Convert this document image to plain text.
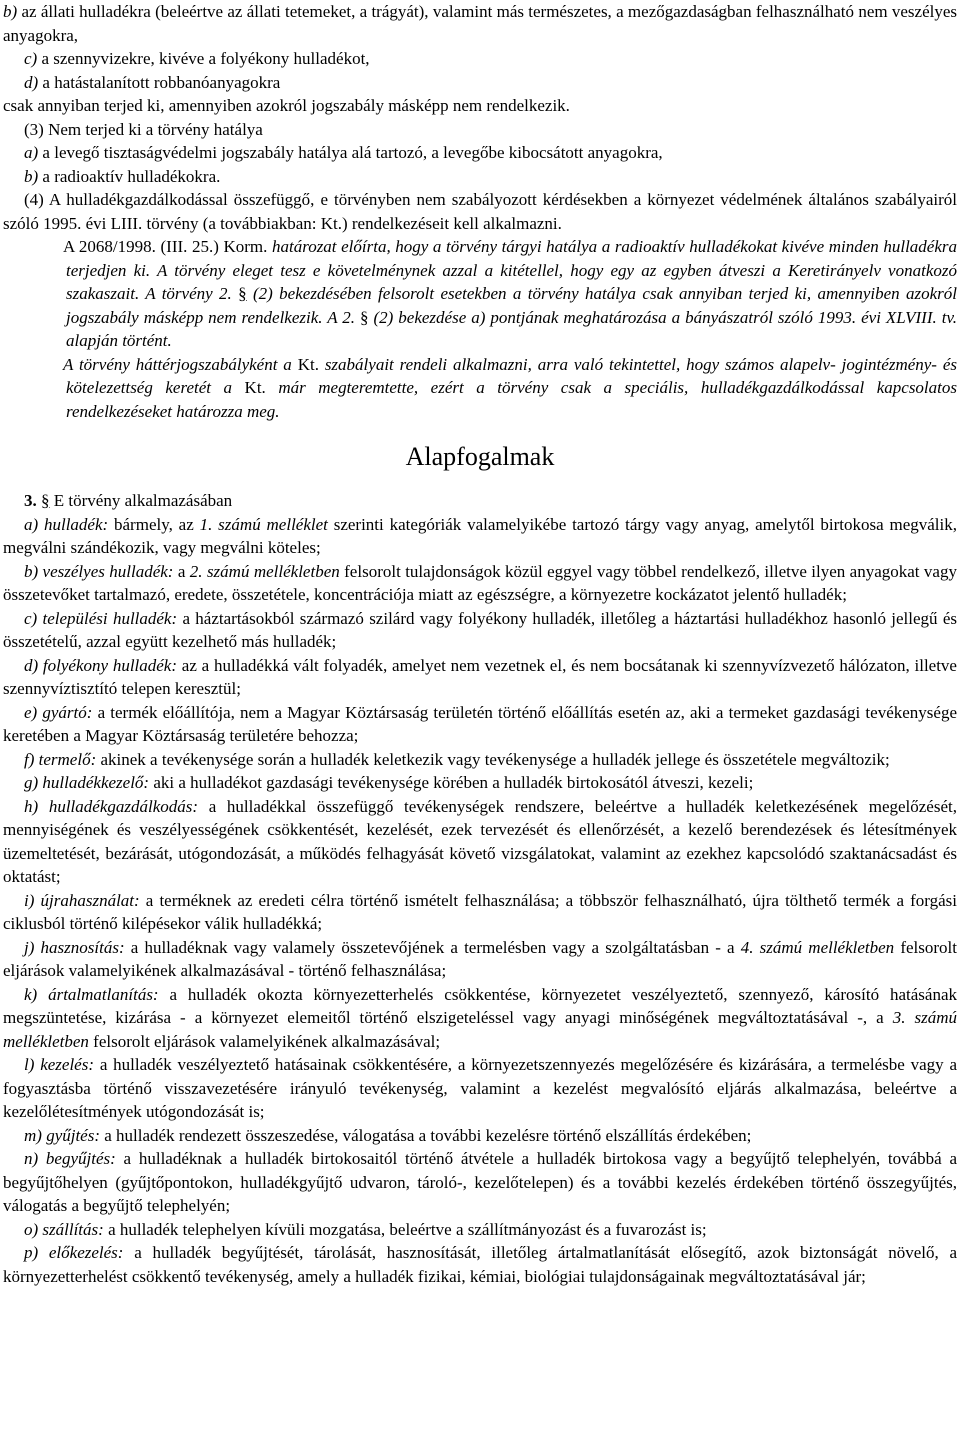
b) az állati hulladékra (beleértve az állati tetemeket, a trágyát), valamint más természetes, a mezőgazdaságban felhasználható nem veszélyes anyagokra,

c) a szennyvizekre, kivéve a folyékony hulladékot,

d) a hatástalanított robbanóanyagokra

csak annyiban terjed ki, amennyiben azokról jogszabály másképp nem rendelkezik.

(3) Nem terjed ki a törvény hatálya

a) a levegő tisztaságvédelmi jogszabály hatálya alá tartozó, a levegőbe kibocsátott anyagokra,

b) a radioaktív hulladékokra.

(4) A hulladékgazdálkodással összefüggő, e törvényben nem szabályozott kérdésekben a környezet védelmének általános szabályairól szóló 1995. évi LIII. törvény (a továbbiakban: Kt.) rendelkezéseit kell alkalmazni.

A 2068/1998. (III. 25.) Korm. határozat előírta, hogy a törvény tárgyi hatálya a radioaktív hulladékokat kivéve minden hulladékra terjedjen ki. A törvény eleget tesz e követelménynek azzal a kitétellel, hogy egy az egyben átveszi a Keretirányelv vonatkozó szakaszait. A törvény 2. § (2) bekezdésében felsorolt esetekben a törvény hatálya csak annyiban terjed ki, amennyiben azokról jogszabály másképp nem rendelkezik. A 2. § (2) bekezdése a) pontjának meghatározása a bányászatról szóló 1993. évi XLVIII. tv. alapján történt.

A törvény háttérjogszabályként a Kt. szabályait rendeli alkalmazni, arra való tekintettel, hogy számos alapelv- jogintézmény- és kötelezettség keretét a Kt. már megteremtette, ezért a törvény csak a speciális, hulladékgazdálkodással kapcsolatos rendelkezéseket határozza meg.

Alapfogalmak

3. § E törvény alkalmazásában

a) hulladék: bármely, az 1. számú melléklet szerinti kategóriák valamelyikébe tartozó tárgy vagy anyag, amelytől birtokosa megválik, megválni szándékozik, vagy megválni köteles;

b) veszélyes hulladék: a 2. számú mellékletben felsorolt tulajdonságok közül eggyel vagy többel rendelkező, illetve ilyen anyagokat vagy összetevőket tartalmazó, eredete, összetétele, koncentrációja miatt az egészségre, a környezetre kockázatot jelentő hulladék;

c) települési hulladék: a háztartásokból származó szilárd vagy folyékony hulladék, illetőleg a háztartási hulladékhoz hasonló jellegű és összetételű, azzal együtt kezelhető más hulladék;

d) folyékony hulladék: az a hulladékká vált folyadék, amelyet nem vezetnek el, és nem bocsátanak ki szennyvízvezető hálózaton, illetve szennyvíztisztító telepen keresztül;

e) gyártó: a termék előállítója, nem a Magyar Köztársaság területén történő előállítás esetén az, aki a termeket gazdasági tevékenysége keretében a Magyar Köztársaság területére behozza;

f) termelő: akinek a tevékenysége során a hulladék keletkezik vagy tevékenysége a hulladék jellege és összetétele megváltozik;

g) hulladékkezelő: aki a hulladékot gazdasági tevékenysége körében a hulladék birtokosától átveszi, kezeli;

h) hulladékgazdálkodás: a hulladékkal összefüggő tevékenységek rendszere, beleértve a hulladék keletkezésének megelőzését, mennyiségének és veszélyességének csökkentését, kezelését, ezek tervezését és ellenőrzését, a kezelő berendezések és létesítmények üzemeltetését, bezárását, utógondozását, a működés felhagyását követő vizsgálatokat, valamint az ezekhez kapcsolódó szaktanácsadást és oktatást;

i) újrahasználat: a terméknek az eredeti célra történő ismételt felhasználása; a többször felhasználható, újra tölthető termék a forgási ciklusból történő kilépésekor válik hulladékká;

j) hasznosítás: a hulladéknak vagy valamely összetevőjének a termelésben vagy a szolgáltatásban - a 4. számú mellékletben felsorolt eljárások valamelyikének alkalmazásával - történő felhasználása;

k) ártalmatlanítás: a hulladék okozta környezetterhelés csökkentése, környezetet veszélyeztető, szennyező, károsító hatásának megszüntetése, kizárása - a környezet elemeitől történő elszigeteléssel vagy anyagi minőségének megváltoztatásával -, a 3. számú mellékletben felsorolt eljárások valamelyikének alkalmazásával;

l) kezelés: a hulladék veszélyeztető hatásainak csökkentésére, a környezetszennyezés megelőzésére és kizárására, a termelésbe vagy a fogyasztásba történő visszavezetésére irányuló tevékenység, valamint a kezelést megvalósító eljárás alkalmazása, beleértve a kezelőlétesítmények utógondozását is;

m) gyűjtés: a hulladék rendezett összeszedése, válogatása a további kezelésre történő elszállítás érdekében;

n) begyűjtés: a hulladéknak a hulladék birtokosaitól történő átvétele a hulladék birtokosa vagy a begyűjtő telephelyén, továbbá a begyűjtőhelyen (gyűjtőpontokon, hulladékgyűjtő udvaron, tároló-, kezelőtelepen) és a további kezelés érdekében történő összegyűjtés, válogatás a begyűjtő telephelyén;

o) szállítás: a hulladék telephelyen kívüli mozgatása, beleértve a szállítmányozást és a fuvarozást is;

p) előkezelés: a hulladék begyűjtését, tárolását, hasznosítását, illetőleg ártalmatlanítását elősegítő, azok biztonságát növelő, a környezetterhelést csökkentő tevékenység, amely a hulladék fizikai, kémiai, biológiai tulajdonságainak megváltoztatásával jár;
